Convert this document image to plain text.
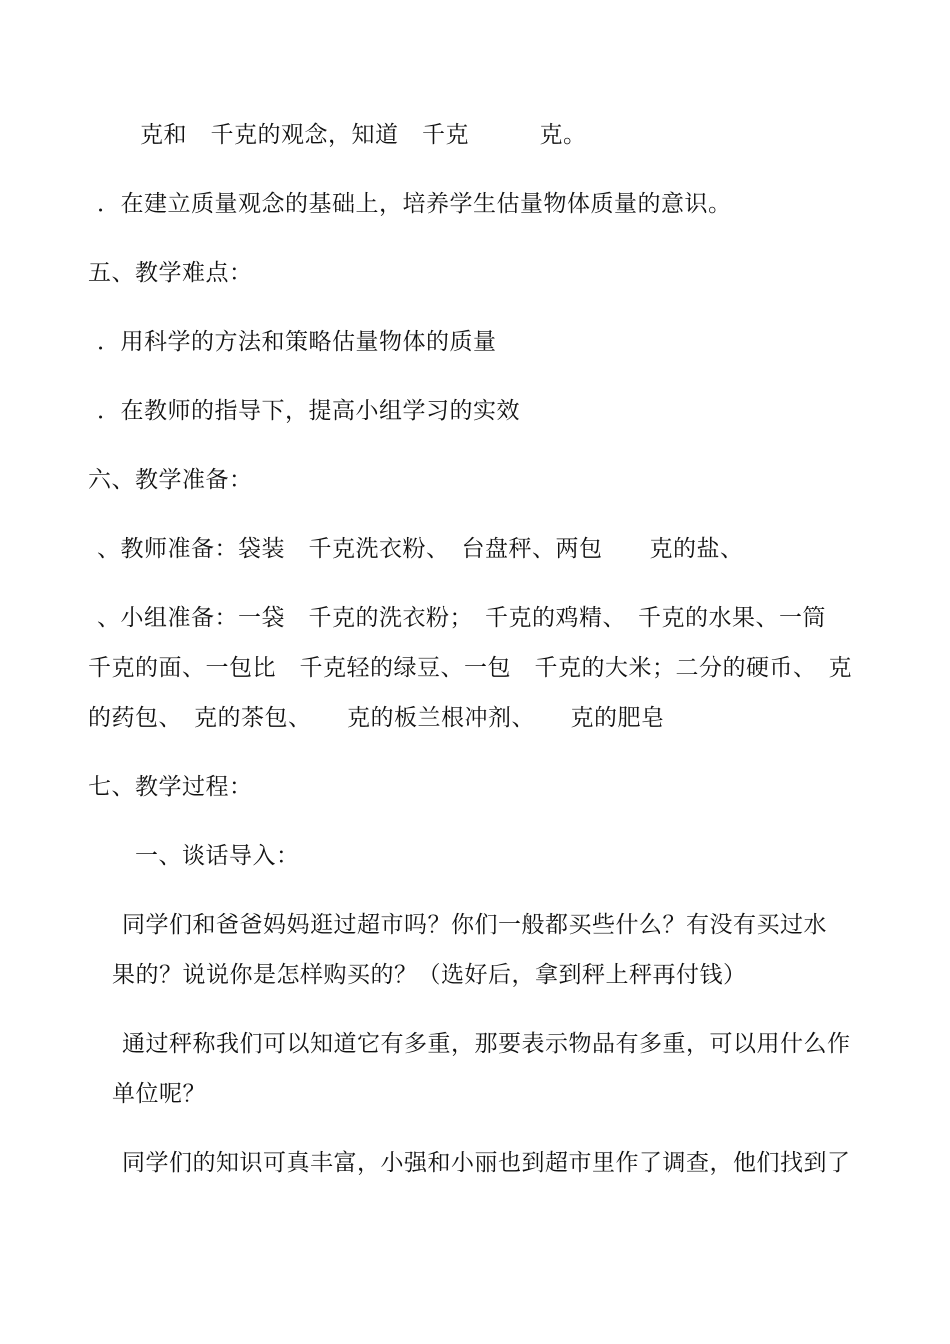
克和　千克的观念，知道　千克　　　克。
．在建立质量观念的基础上，培养学生估量物体质量的意识。
五、教学难点：
．用科学的方法和策略估量物体的质量
．在教师的指导下，提高小组学习的实效
六、教学准备：
、教师准备：袋装　千克洗衣粉、　台盘秤、两包　　克的盐、
、小组准备：一袋　千克的洗衣粉；　千克的鸡精、　千克的水果、一筒
千克的面、一包比　千克轻的绿豆、一包　千克的大米；二分的硬币、　克
的药包、　克的茶包、　　克的板兰根冲剂、　　克的肥皂
七、教学过程：
一、谈话导入：
同学们和爸爸妈妈逛过超市吗？你们一般都买些什么？有没有买过水
果的？说说你是怎样购买的？（选好后，拿到秤上秤再付钱）
通过秤称我们可以知道它有多重，那要表示物品有多重，可以用什么作
单位呢？
同学们的知识可真丰富，小强和小丽也到超市里作了调查，他们找到了
